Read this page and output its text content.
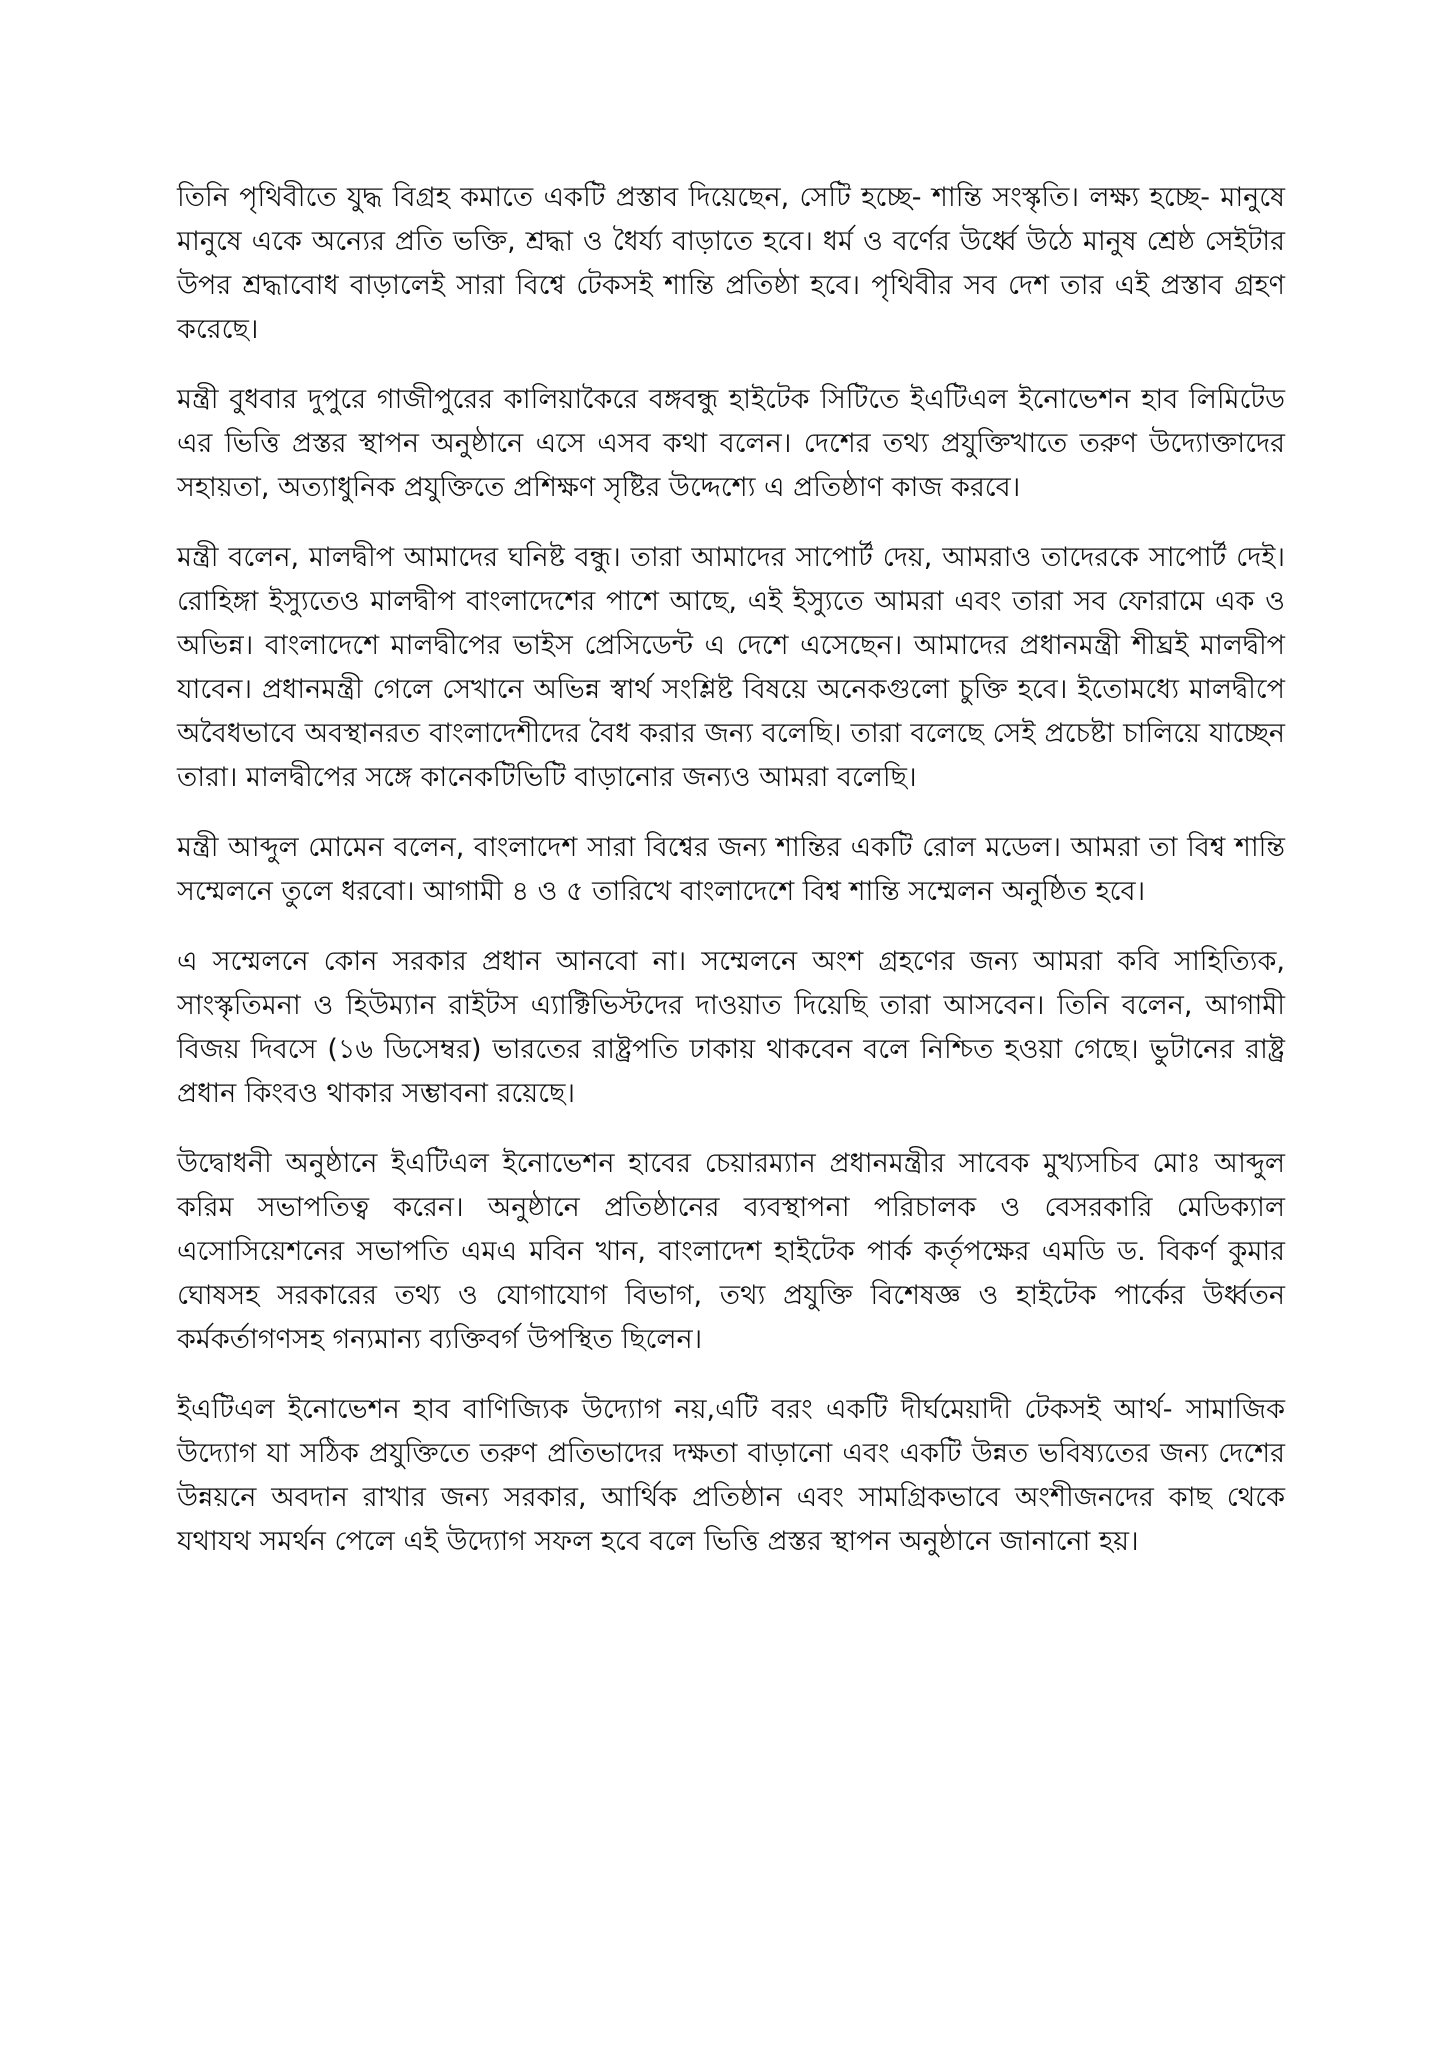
তিনি পৃথিবীতে যুদ্ধ বিগ্রহ কমাতে একটি প্রস্তাব দিয়েছেন, সেটি হচ্ছে- শান্তি সংস্কৃতি। লক্ষ্য হচ্ছে- মানুষে মানুষে একে অন্যের প্রতি ভক্তি, শ্রদ্ধা ও ধৈর্য্য বাড়াতে হবে। ধর্ম ও বর্ণের উর্ধ্বে উঠে মানুষ শ্রেষ্ঠ সেইটার উপর শ্রদ্ধাবোধ বাড়ালেই সারা বিশ্বে টেকসই শান্তি প্রতিষ্ঠা হবে। পৃথিবীর সব দেশ তার এই প্রস্তাব গ্রহণ করেছে।

মন্ত্রী বুধবার দুপুরে গাজীপুরের কালিয়াকৈরে বঙ্গবন্ধু হাইটেক সিটিতে ইএটিএল ইনোভেশন হাব লিমিটেড এর ভিত্তি প্রস্তর স্থাপন অনুষ্ঠানে এসে এসব কথা বলেন। দেশের তথ্য প্রযুক্তিখাতে তরুণ উদ্যোক্তাদের সহায়তা, অত্যাধুনিক প্রযুক্তিতে প্রশিক্ষণ সৃষ্টির উদ্দেশ্যে এ প্রতিষ্ঠাণ কাজ করবে।

মন্ত্রী বলেন, মালদ্বীপ আমাদের ঘনিষ্ট বন্ধু। তারা আমাদের সাপোর্ট দেয়, আমরাও তাদেরকে সাপোর্ট দেই। রোহিঙ্গা ইস্যুতেও মালদ্বীপ বাংলাদেশের পাশে আছে, এই ইস্যুতে আমরা এবং তারা সব ফোরামে এক ও অভিন্ন। বাংলাদেশে মালদ্বীপের ভাইস প্রেসিডেন্ট এ দেশে এসেছেন। আমাদের প্রধানমন্ত্রী শীঘ্রই মালদ্বীপ যাবেন। প্রধানমন্ত্রী গেলে সেখানে অভিন্ন স্বার্থ সংশ্লিষ্ট বিষয়ে অনেকগুলো চুক্তি হবে। ইতোমধ্যে মালদ্বীপে অবৈধভাবে অবস্থানরত বাংলাদেশীদের বৈধ করার জন্য বলেছি। তারা বলেছে সেই প্রচেষ্টা চালিয়ে যাচ্ছেন তারা। মালদ্বীপের সঙ্গে কানেকটিভিটি বাড়ানোর জন্যও আমরা বলেছি।

মন্ত্রী আব্দুল মোমেন বলেন, বাংলাদেশ সারা বিশ্বের জন্য শান্তির একটি রোল মডেল। আমরা তা বিশ্ব শান্তি সম্মেলনে তুলে ধরবো। আগামী ৪ ও ৫ তারিখে বাংলাদেশে বিশ্ব শান্তি সম্মেলন অনুষ্ঠিত হবে।

এ সম্মেলনে কোন সরকার প্রধান আনবো না। সম্মেলনে অংশ গ্রহণের জন্য আমরা কবি সাহিত্যিক, সাংস্কৃতিমনা ও হিউম্যান রাইটস এ্যাক্টিভিস্টদের দাওয়াত দিয়েছি তারা আসবেন। তিনি বলেন, আগামী বিজয় দিবসে (১৬ ডিসেম্বর) ভারতের রাষ্ট্রপতি ঢাকায় থাকবেন বলে নিশ্চিত হওয়া গেছে। ভুটানের রাষ্ট্র প্রধান কিংবও থাকার সম্ভাবনা রয়েছে।

উদ্বোধনী অনুষ্ঠানে ইএটিএল ইনোভেশন হাবের চেয়ারম্যান প্রধানমন্ত্রীর সাবেক মুখ্যসচিব মোঃ আব্দুল করিম সভাপতিত্ব করেন। অনুষ্ঠানে প্রতিষ্ঠানের ব্যবস্থাপনা পরিচালক ও বেসরকারি মেডিক্যাল এসোসিয়েশনের সভাপতি এমএ মবিন খান, বাংলাদেশ হাইটেক পার্ক কর্তৃপক্ষের এমডি ড. বিকর্ণ কুমার ঘোষসহ সরকারের তথ্য ও যোগাযোগ বিভাগ, তথ্য প্রযুক্তি বিশেষজ্ঞ ও হাইটেক পার্কের উর্ধ্বতন কর্মকর্তাগণসহ গন্যমান্য ব্যক্তিবর্গ উপস্থিত ছিলেন।

ইএটিএল ইনোভেশন হাব বাণিজ্যিক উদ্যোগ নয়,এটি বরং একটি দীর্ঘমেয়াদী টেকসই আর্থ- সামাজিক উদ্যোগ যা সঠিক প্রযুক্তিতে তরুণ প্রতিভাদের দক্ষতা বাড়ানো এবং একটি উন্নত ভবিষ্যতের জন্য দেশের উন্নয়নে অবদান রাখার জন্য সরকার, আর্থিক প্রতিষ্ঠান এবং সামগ্রিকভাবে অংশীজনদের কাছ থেকে যথাযথ সমর্থন পেলে এই উদ্যোগ সফল হবে বলে ভিত্তি প্রস্তর স্থাপন অনুষ্ঠানে জানানো হয়।
